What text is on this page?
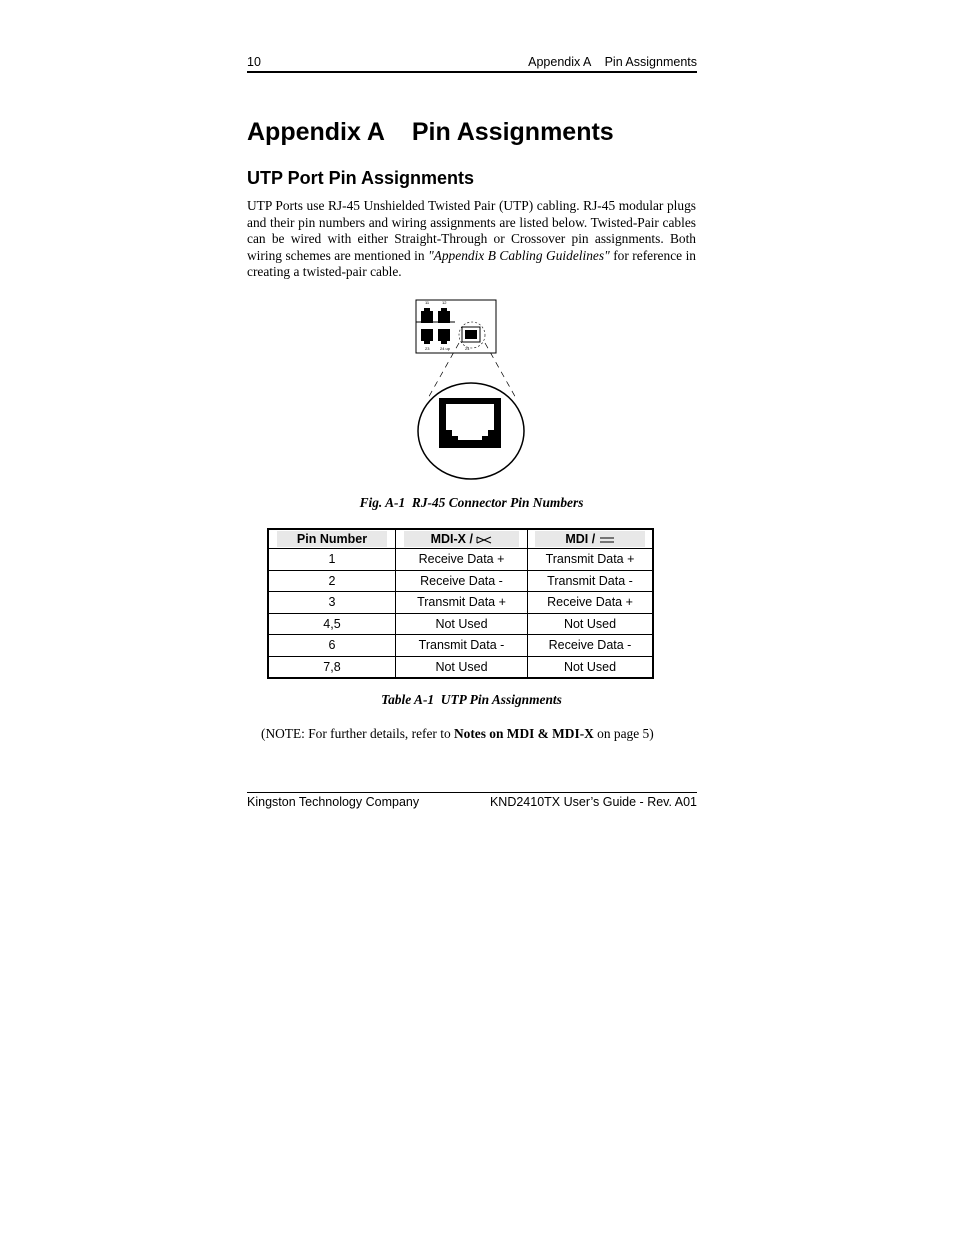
10	Appendix A    Pin Assignments
Appendix A    Pin Assignments
UTP Port Pin Assignments

UTP Ports use RJ-45 Unshielded Twisted Pair (UTP) cabling. RJ-45 modular plugs and their pin numbers and wiring assignments are listed below. Twisted-Pair cables can be wired with either Straight-Through or Crossover pin assignments. Both wiring schemes are mentioned in "Appendix B Cabling Guidelines" for reference in creating a twisted-pair cable.

11	12
23	24 up	24
Fig. A-1  RJ-45 Connector Pin Numbers
Pin Number	MDI-X /	MDI /
1	Receive Data +	Transmit Data +
2	Receive Data -	Transmit Data -
3	Transmit Data +	Receive Data +
4,5	Not Used	Not Used
6	Transmit Data -	Receive Data -
7,8	Not Used	Not Used
Table A-1  UTP Pin Assignments
(NOTE: For further details, refer to Notes on MDI & MDI-X on page 5)
Kingston Technology Company	KND2410TX User’s Guide - Rev. A01
